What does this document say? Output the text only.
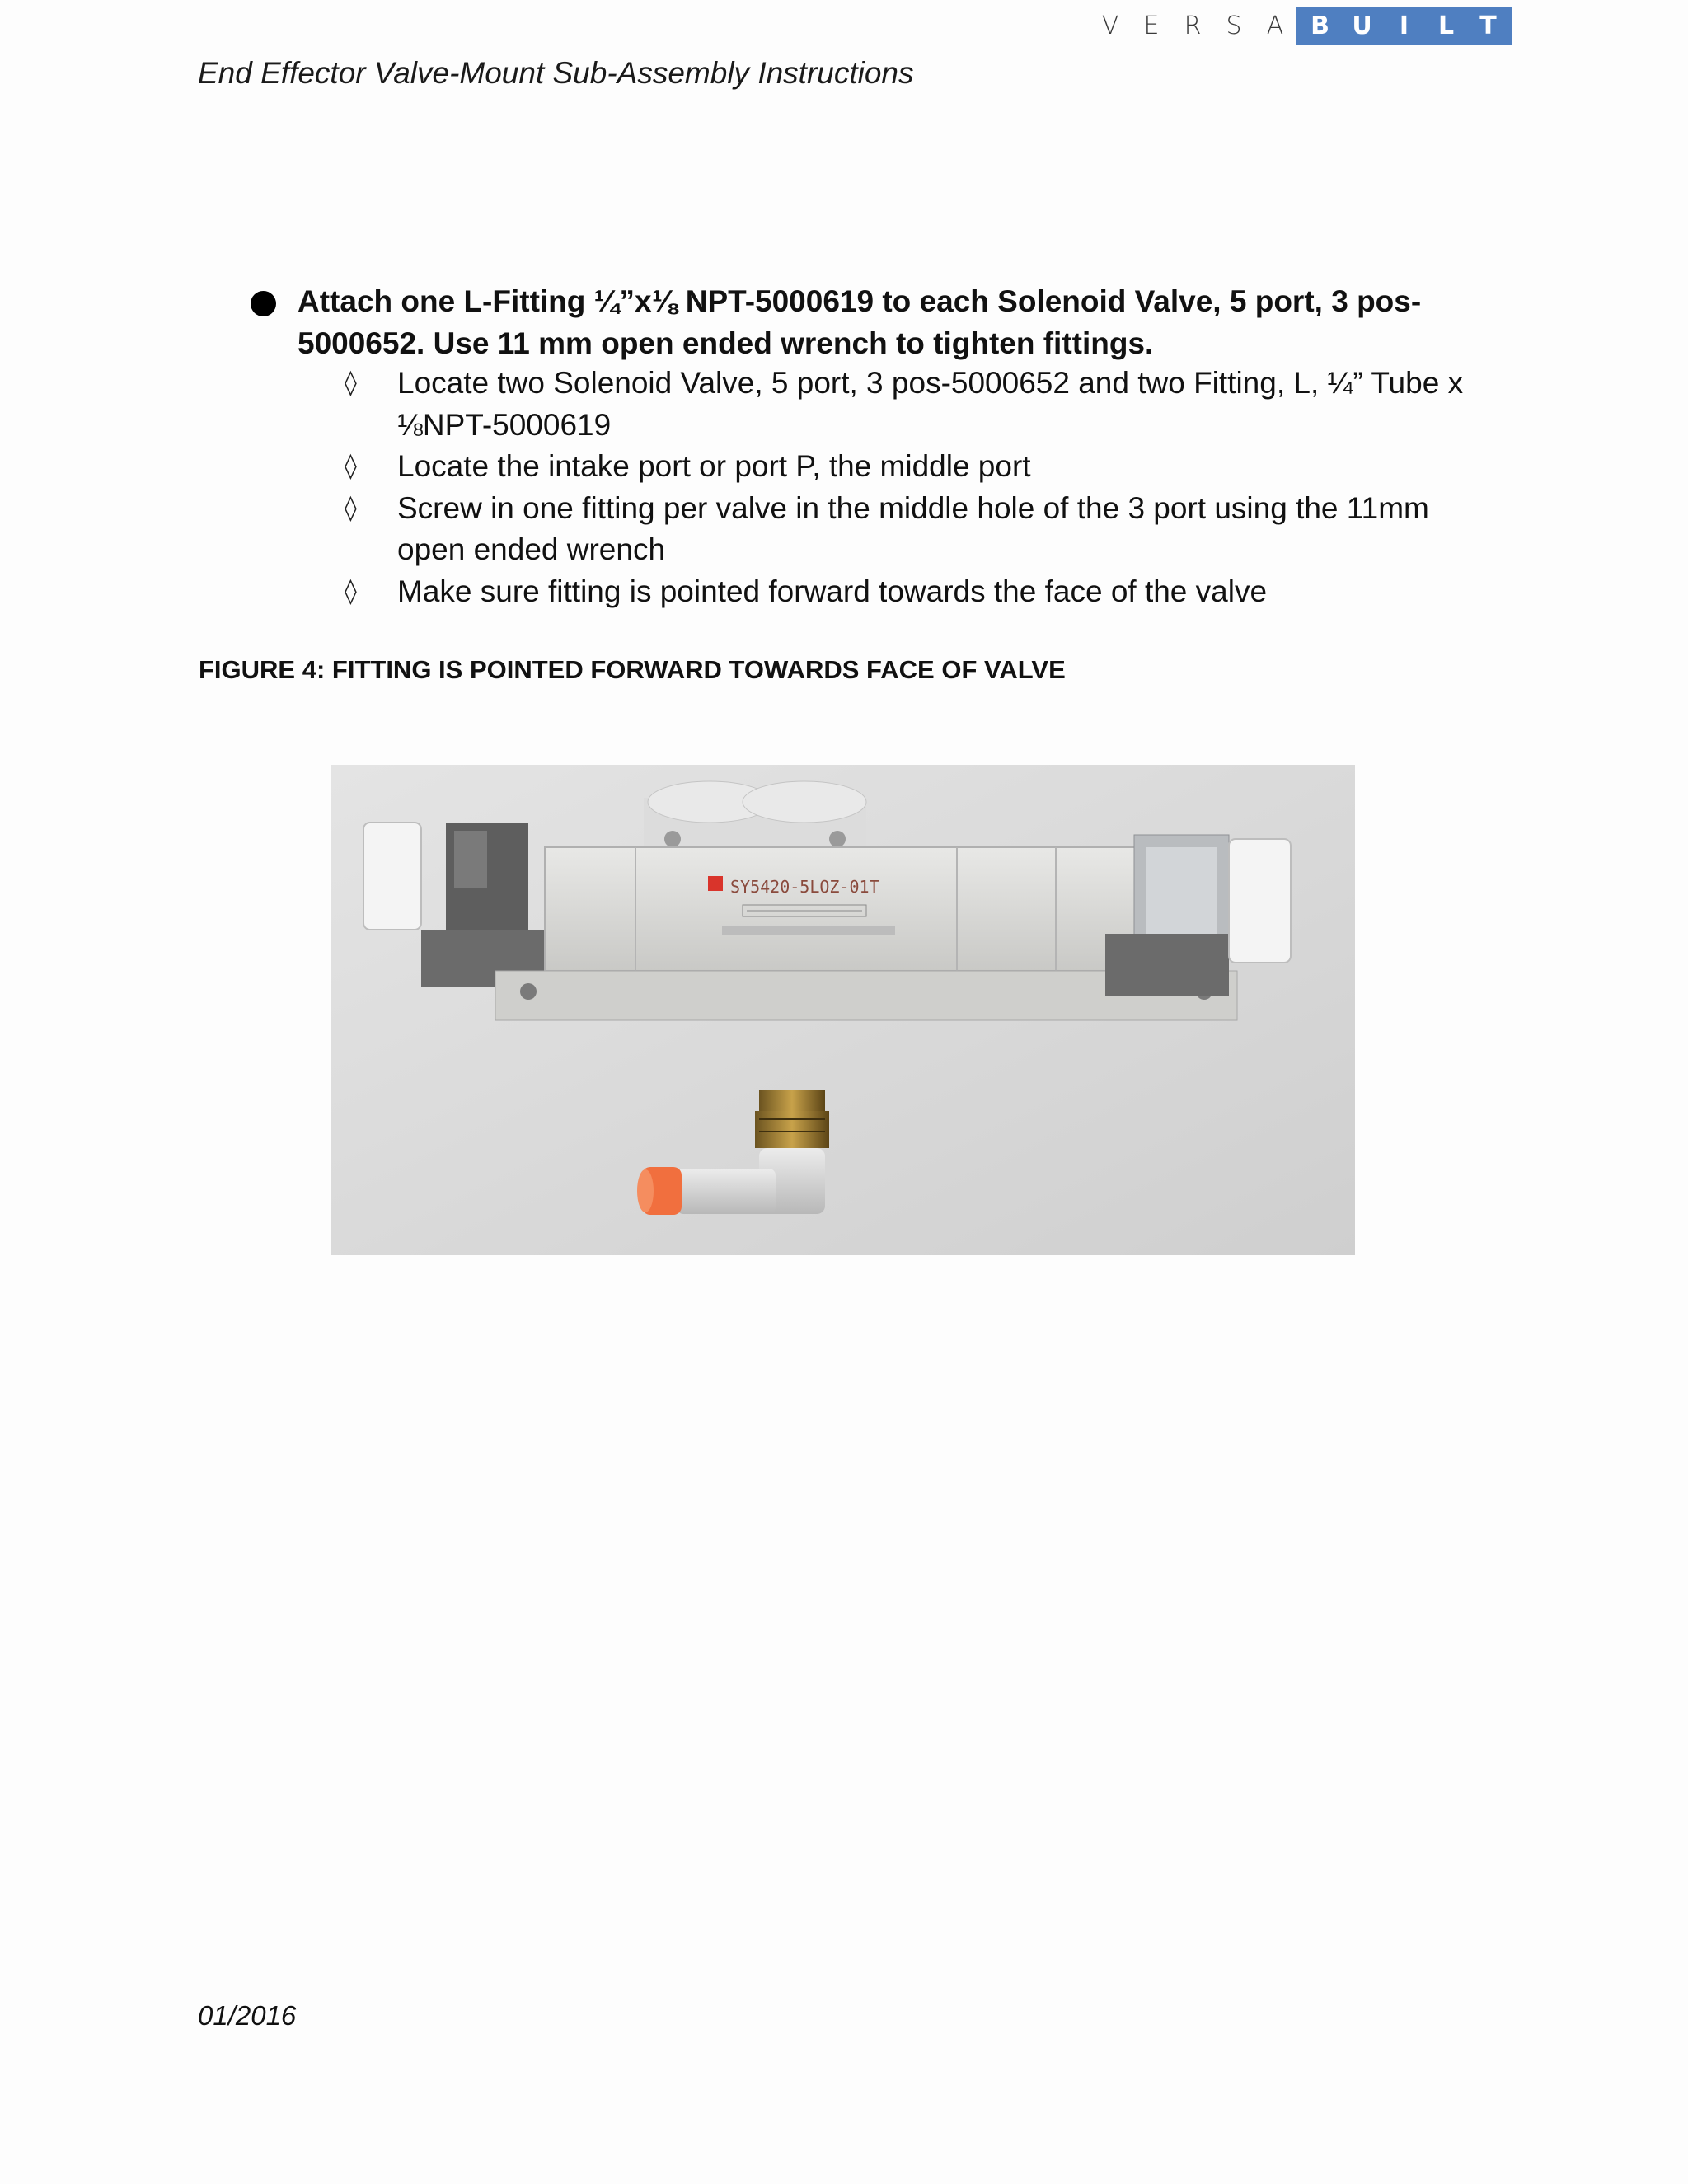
V	E	R	S	A	B U	I	L	T
End Effector Valve-Mount Sub-Assembly Instructions
Attach one L-Fitting ¼”x⅛ NPT-5000619 to each Solenoid Valve, 5 port, 3 pos-5000652. Use 11 mm open ended wrench to tighten fittings.
◊ Locate two Solenoid Valve, 5 port, 3 pos-5000652 and two Fitting, L, ¼” Tube x ⅛NPT-5000619
◊ Locate the intake port or port P, the middle port
◊ Screw in one fitting per valve in the middle hole of the 3 port using the 11mm open ended wrench
◊ Make sure fitting is pointed forward towards the face of the valve
FIGURE 4: FITTING IS POINTED FORWARD TOWARDS FACE OF VALVE
SY5420-5LOZ-01T
01/2016
